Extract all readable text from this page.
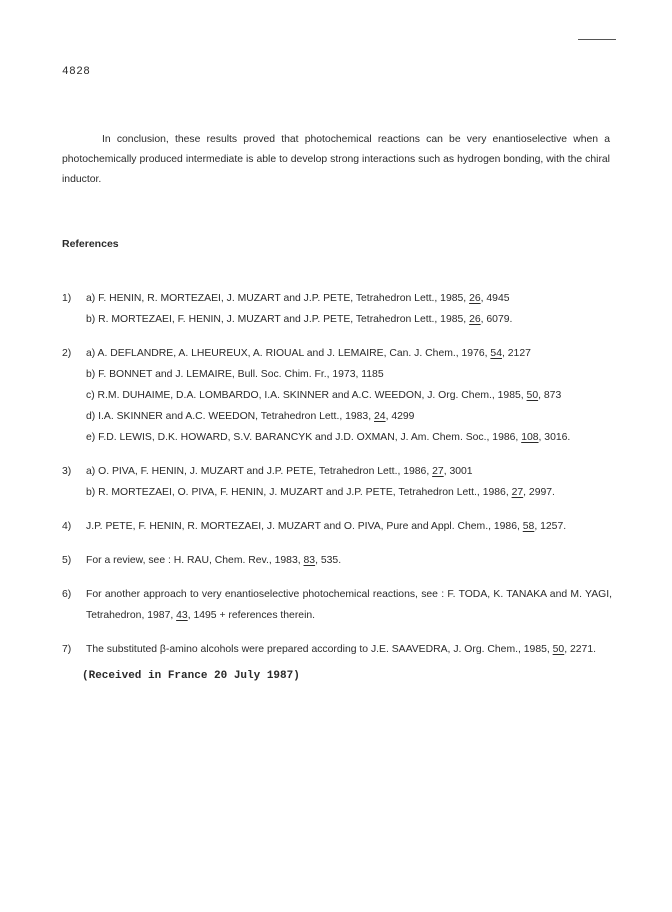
4828
In conclusion, these results proved that photochemical reactions can be very enantioselective when a photochemically produced intermediate is able to develop strong interactions such as hydrogen bonding, with the chiral inductor.
References
1)	a) F. HENIN, R. MORTEZAEI, J. MUZART and J.P. PETE, Tetrahedron Lett., 1985, 26, 4945
b) R. MORTEZAEI, F. HENIN, J. MUZART and J.P. PETE, Tetrahedron Lett., 1985, 26, 6079.
2)	a) A. DEFLANDRE, A. LHEUREUX, A. RIOUAL and J. LEMAIRE, Can. J. Chem., 1976, 54, 2127
b) F. BONNET and J. LEMAIRE, Bull. Soc. Chim. Fr., 1973, 1185
c) R.M. DUHAIME, D.A. LOMBARDO, I.A. SKINNER and A.C. WEEDON, J. Org. Chem., 1985, 50, 873
d) I.A. SKINNER and A.C. WEEDON, Tetrahedron Lett., 1983, 24, 4299
e) F.D. LEWIS, D.K. HOWARD, S.V. BARANCYK and J.D. OXMAN, J. Am. Chem. Soc., 1986, 108, 3016.
3)	a) O. PIVA, F. HENIN, J. MUZART and J.P. PETE, Tetrahedron Lett., 1986, 27, 3001
b) R. MORTEZAEI, O. PIVA, F. HENIN, J. MUZART and J.P. PETE, Tetrahedron Lett., 1986, 27, 2997.
4)	J.P. PETE, F. HENIN, R. MORTEZAEI, J. MUZART and O. PIVA, Pure and Appl. Chem., 1986, 58, 1257.
5)	For a review, see : H. RAU, Chem. Rev., 1983, 83, 535.
6)	For another approach to very enantioselective photochemical reactions, see : F. TODA, K. TANAKA and M. YAGI, Tetrahedron, 1987, 43, 1495 + references therein.
7)	The substituted β-amino alcohols were prepared according to J.E. SAAVEDRA, J. Org. Chem., 1985, 50, 2271.
(Received in France 20 July 1987)
